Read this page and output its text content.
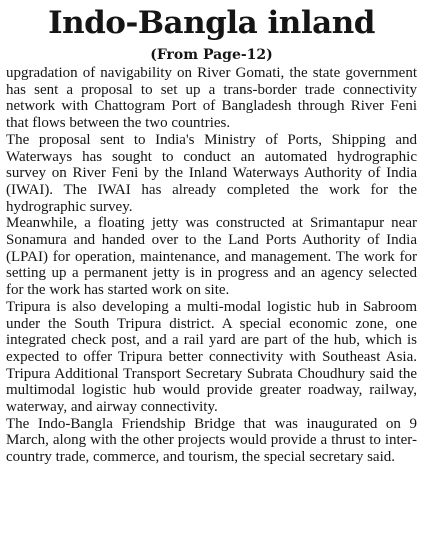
Indo-Bangla inland
(From Page-12)

upgradation of navigability on River Gomati, the state government has sent a proposal to set up a trans-border trade connectivity network with Chattogram Port of Bangladesh through River Feni that flows between the two countries.

The proposal sent to India's Ministry of Ports, Shipping and Waterways has sought to conduct an automated hydrographic survey on River Feni by the Inland Waterways Authority of India (IWAI). The IWAI has already completed the work for the hydrographic survey.

Meanwhile, a floating jetty was constructed at Srimantapur near Sonamura and handed over to the Land Ports Authority of India (LPAI) for operation, maintenance, and management. The work for setting up a permanent jetty is in progress and an agency selected for the work has started work on site.

Tripura is also developing a multi-modal logistic hub in Sabroom under the South Tripura district. A special economic zone, one integrated check post, and a rail yard are part of the hub, which is expected to offer Tripura better connectivity with Southeast Asia. Tripura Additional Transport Secretary Subrata Choudhury said the multimodal logistic hub would provide greater roadway, railway, waterway, and airway connectivity.

The Indo-Bangla Friendship Bridge that was inaugurated on 9 March, along with the other projects would provide a thrust to inter-country trade, commerce, and tourism, the special secretary said.
